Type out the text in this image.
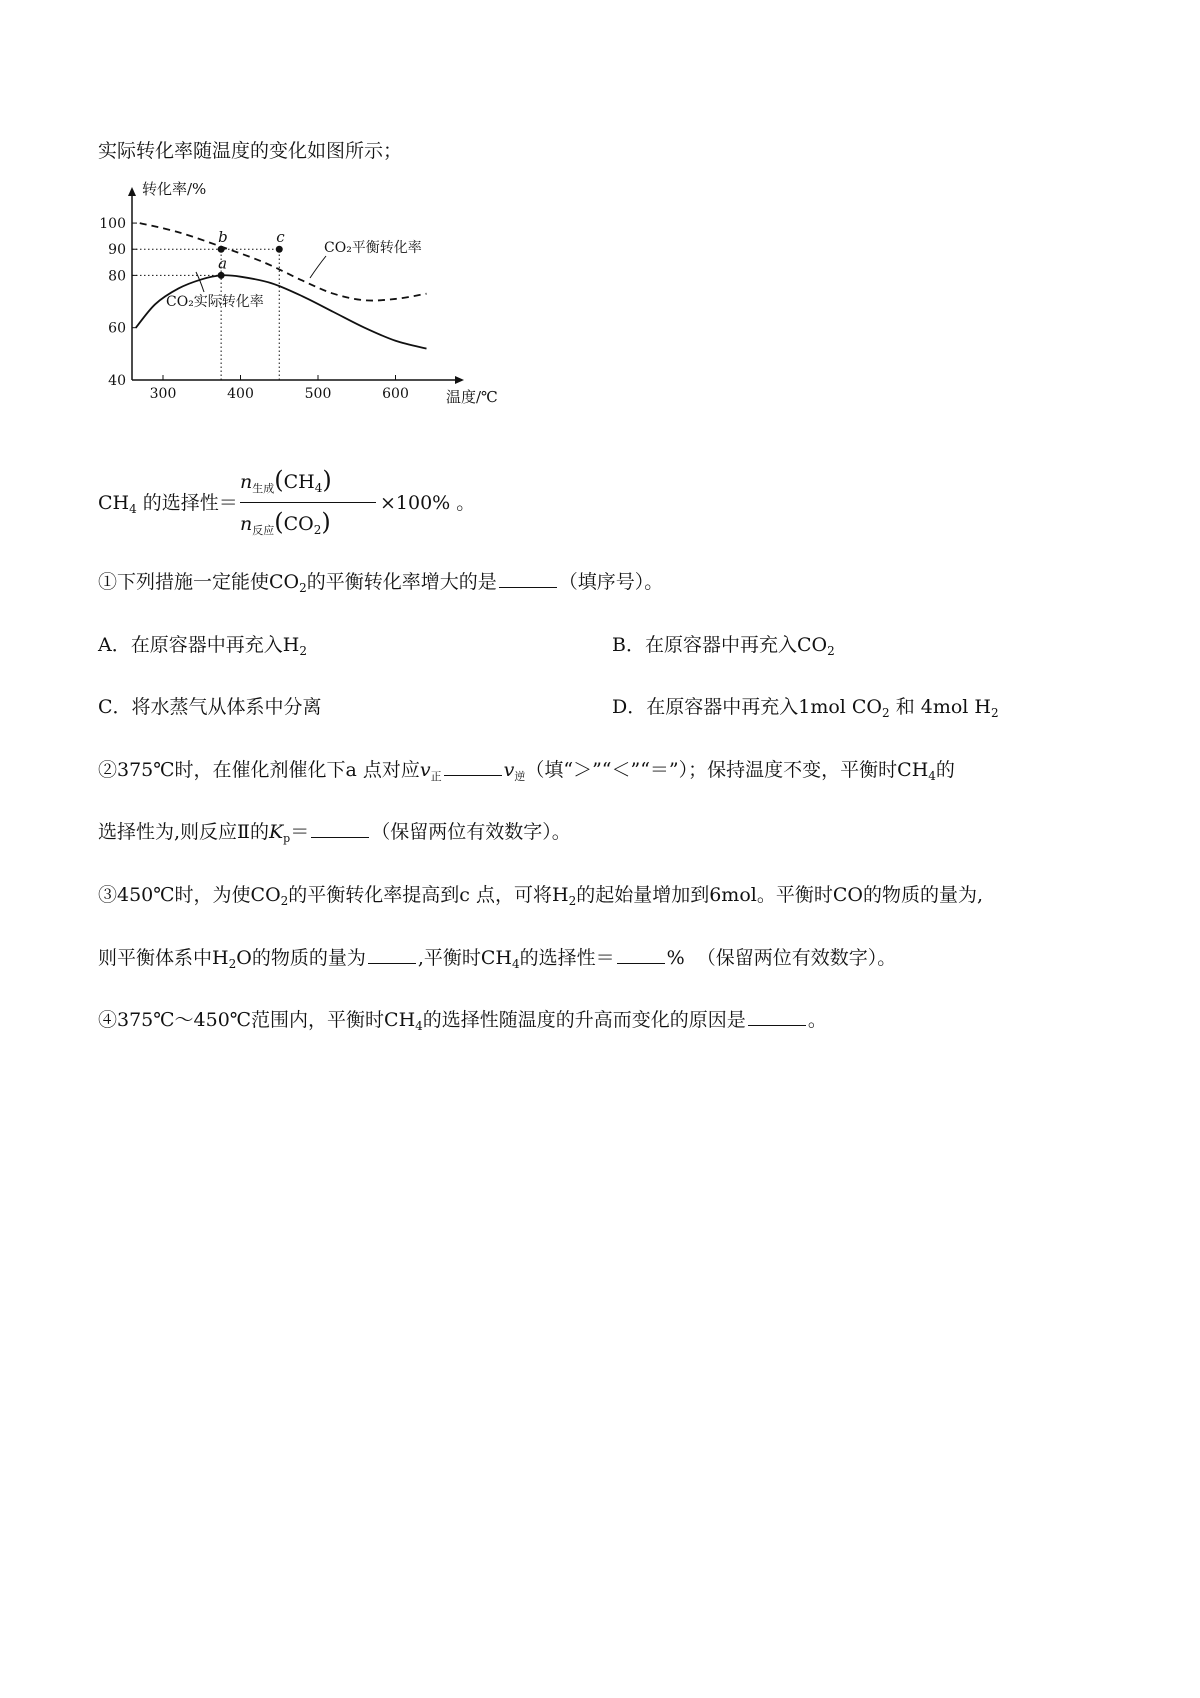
实际转化率随温度的变化如图所示；
40
60
80
90
100
300	400	500	600
转化率/%
温度/℃
CO₂平衡转化率
CO₂实际转化率
a
b	c
$CH_4$ 的选择性＝
$n_{生成}(CH_4)$
$n_{反应}(CO_2)$
×100% 。
①下列措施一定能使$CO_2$的平衡转化率增大的是	（填序号）。
A．在原容器中再充入$H_2$	B．在原容器中再充入$CO_2$
C．将水蒸气从体系中分离	D．在原容器中再充入1mol $CO_2$ 和 4mol $H_2$
②375℃时，在催化剂催化下a 点对应$v_正$	$v_逆$（填“＞”“＜”“＝”）；保持温度不变，平衡时$CH_4$的
选择性为,则反应Ⅱ的$K_p=$	（保留两位有效数字）。
③450℃时，为使$CO_2$的平衡转化率提高到c 点，可将$H_2$的起始量增加到6mol。平衡时CO的物质的量为,
则平衡体系中$H_2O$的物质的量为	,平衡时$CH_4$的选择性＝	%  （保留两位有效数字）。
④375℃～450℃范围内，平衡时$CH_4$的选择性随温度的升高而变化的原因是	。
